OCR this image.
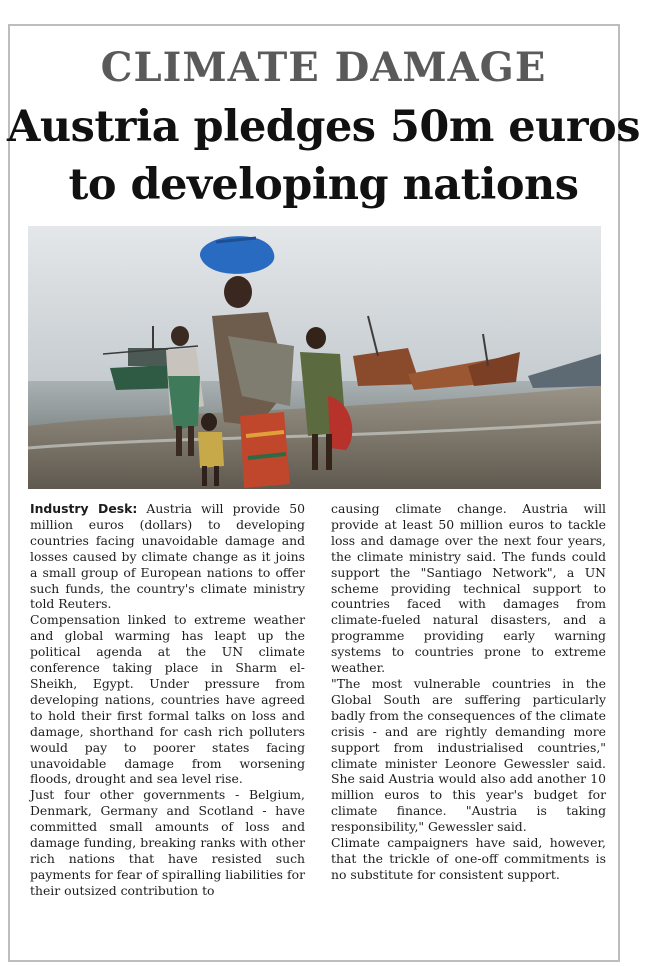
CLIMATE DAMAGE
Austria pledges 50m euros
to developing nations

Industry Desk: Austria will provide 50 million euros (dollars) to developing countries facing unavoidable damage and losses caused by climate change as it joins a small group of European nations to offer such funds, the country's climate ministry told Reuters.

Compensation linked to extreme weather and global warming has leapt up the political agenda at the UN climate conference taking place in Sharm el-Sheikh, Egypt. Under pressure from developing nations, countries have agreed to hold their first formal talks on loss and damage, shorthand for cash rich polluters would pay to poorer states facing unavoidable damage from worsening floods, drought and sea level rise.

Just four other governments - Belgium, Denmark, Germany and Scotland - have committed small amounts of loss and damage funding, breaking ranks with other rich nations that have resisted such payments for fear of spiralling liabilities for their outsized contribution to

causing climate change. Austria will provide at least 50 million euros to tackle loss and damage over the next four years, the climate ministry said. The funds could support the "Santiago Network", a UN scheme providing technical support to countries faced with damages from climate-fueled natural disasters, and a programme providing early warning systems to countries prone to extreme weather.

"The most vulnerable countries in the Global South are suffering particularly badly from the consequences of the climate crisis - and are rightly demanding more support from industrialised countries," climate minister Leonore Gewessler said. She said Austria would also add another 10 million euros to this year's budget for climate finance. "Austria is taking responsibility," Gewessler said.

Climate campaigners have said, however, that the trickle of one-off commitments is no substitute for consistent support.
